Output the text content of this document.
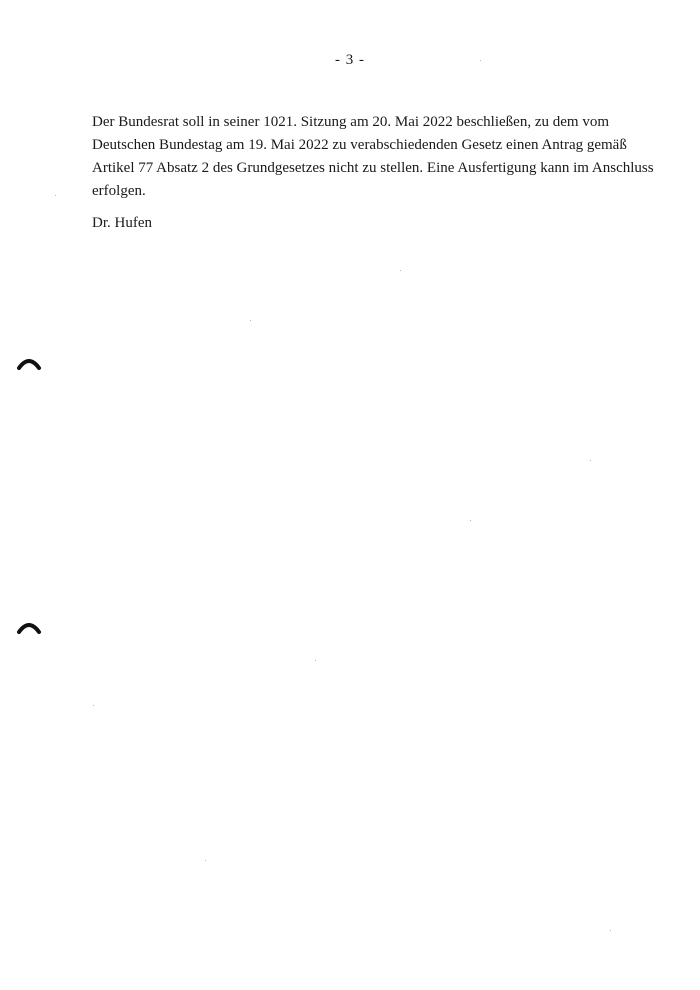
- 3 -

Der Bundesrat soll in seiner 1021. Sitzung am 20. Mai 2022 beschließen, zu dem vom
Deutschen Bundestag am 19. Mai 2022 zu verabschiedenden Gesetz einen Antrag gemäß
Artikel 77 Absatz 2 des Grundgesetzes nicht zu stellen. Eine Ausfertigung kann im Anschluss
erfolgen.

Dr. Hufen
